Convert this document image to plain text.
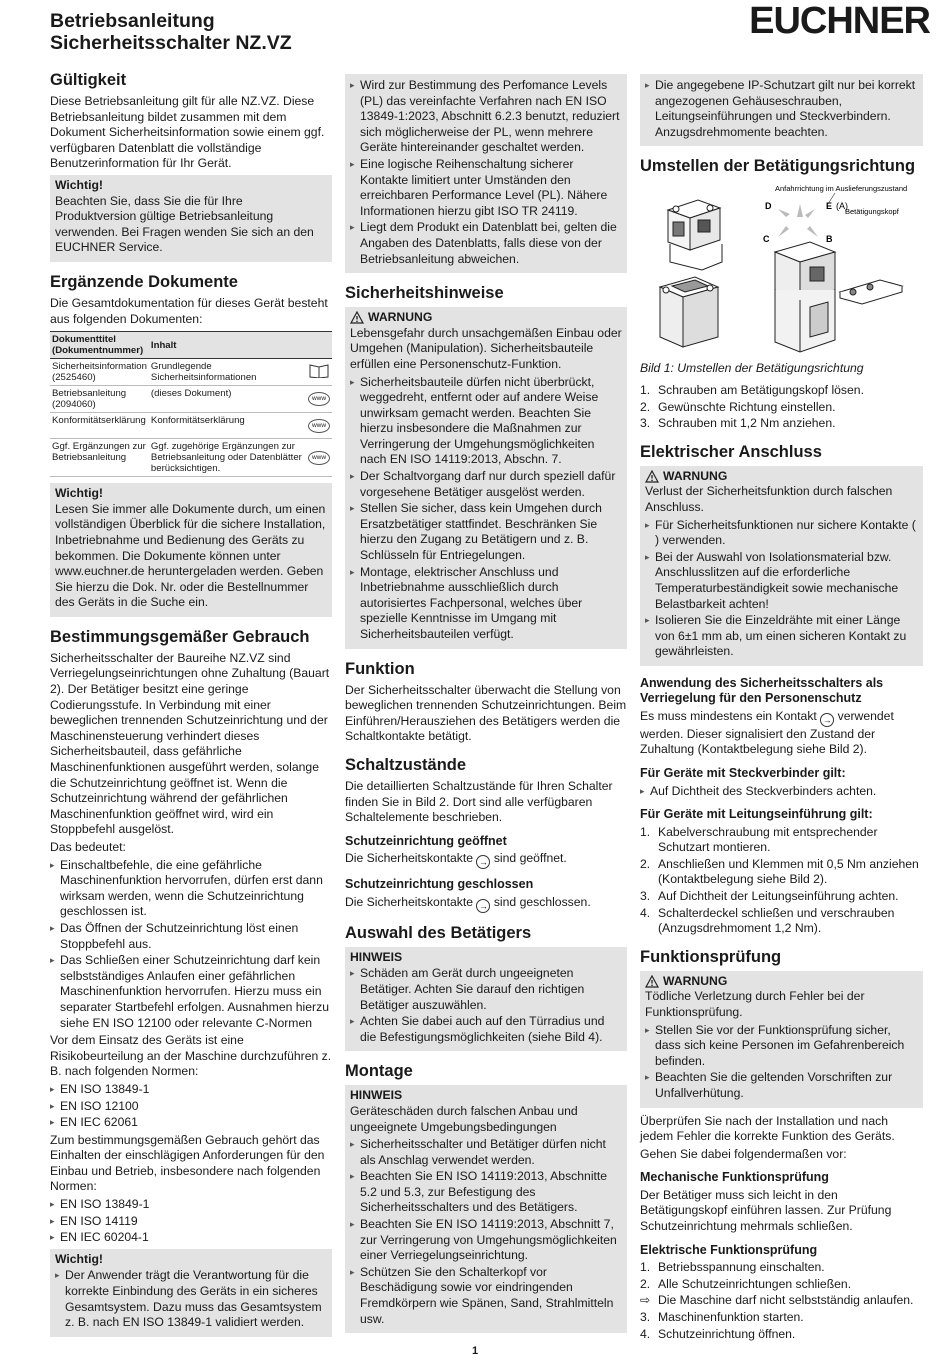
Betriebsanleitung
Sicherheitsschalter NZ.VZ
EUCHNER
Gültigkeit

Diese Betriebsanleitung gilt für alle NZ.VZ. Diese Betriebsanleitung bildet zusammen mit dem Dokument Sicherheitsinformation sowie einem ggf. verfügbaren Datenblatt die vollständige Benutzerinformation für Ihr Gerät.

Wichtig!

Beachten Sie, dass Sie die für Ihre Produktversion gültige Betriebsanleitung verwenden. Bei Fragen wenden Sie sich an den EUCHNER Service.

Ergänzende Dokumente

Die Gesamtdokumentation für dieses Gerät besteht aus folgenden Dokumenten:

Dokumenttitel (Dokumentnummer)	Inhalt	
Sicherheitsinformation (2525460)	Grundlegende Sicherheitsinformationen	
Betriebsanleitung (2094060)	(dieses Dokument)	www
Konformitätserklärung	Konformitätserklärung	www
Ggf. Ergänzungen zur Betriebsanleitung	Ggf. zugehörige Ergänzungen zur Betriebsanleitung oder Datenblätter berücksichtigen.	www
Wichtig!

Lesen Sie immer alle Dokumente durch, um einen vollständigen Überblick für die sichere Installation, Inbetriebnahme und Bedienung des Geräts zu bekommen. Die Dokumente können unter www.euchner.de heruntergeladen werden. Geben Sie hierzu die Dok. Nr. oder die Bestellnummer des Geräts in die Suche ein.

Bestimmungsgemäßer Gebrauch

Sicherheitsschalter der Baureihe NZ.VZ sind Verriegelungseinrichtungen ohne Zuhaltung (Bauart 2). Der Betätiger besitzt eine geringe Codierungsstufe. In Verbindung mit einer beweglichen trennenden Schutzeinrichtung und der Maschinensteuerung verhindert dieses Sicherheitsbauteil, dass gefährliche Maschinenfunktionen ausgeführt werden, solange die Schutzeinrichtung geöffnet ist. Wenn die Schutzeinrichtung während der gefährlichen Maschinenfunktion geöffnet wird, wird ein Stoppbefehl ausgelöst.

Das bedeutet:

▸ Einschaltbefehle, die eine gefährliche Maschinenfunktion hervorrufen, dürfen erst dann wirksam werden, wenn die Schutzeinrichtung geschlossen ist.
▸ Das Öffnen der Schutzeinrichtung löst einen Stoppbefehl aus.
▸ Das Schließen einer Schutzeinrichtung darf kein selbstständiges Anlaufen einer gefährlichen Maschinenfunktion hervorrufen. Hierzu muss ein separater Startbefehl erfolgen. Ausnahmen hierzu siehe EN ISO 12100 oder relevante C-Normen

Vor dem Einsatz des Geräts ist eine Risikobeurteilung an der Maschine durchzuführen z. B. nach folgenden Normen:

▸ EN ISO 13849-1
▸ EN ISO 12100
▸ EN IEC 62061

Zum bestimmungsgemäßen Gebrauch gehört das Einhalten der einschlägigen Anforderungen für den Einbau und Betrieb, insbesondere nach folgenden Normen:

▸ EN ISO 13849-1
▸ EN ISO 14119
▸ EN IEC 60204-1
Wichtig!
▸ Der Anwender trägt die Verantwortung für die korrekte Einbindung des Geräts in ein sicheres Gesamtsystem. Dazu muss das Gesamtsystem z. B. nach EN ISO 13849-1 validiert werden.
▸ Wird zur Bestimmung des Perfomance Levels (PL) das vereinfachte Verfahren nach EN ISO 13849-1:2023, Abschnitt 6.2.3 benutzt, reduziert sich möglicherweise der PL, wenn mehrere Geräte hintereinander geschaltet werden.
▸ Eine logische Reihenschaltung sicherer Kontakte limitiert unter Umständen den erreichbaren Performance Level (PL). Nähere Informationen hierzu gibt ISO TR 24119.
▸ Liegt dem Produkt ein Datenblatt bei, gelten die Angaben des Datenblatts, falls diese von der Betriebsanleitung abweichen.
Sicherheitshinweise
WARNUNG

Lebensgefahr durch unsachgemäßen Einbau oder Umgehen (Manipulation). Sicherheitsbauteile erfüllen eine Personenschutz-Funktion.

▸ Sicherheitsbauteile dürfen nicht überbrückt, weggedreht, entfernt oder auf andere Weise unwirksam gemacht werden. Beachten Sie hierzu insbesondere die Maßnahmen zur Verringerung der Umgehungsmöglichkeiten nach EN ISO 14119:2013, Abschn. 7.
▸ Der Schaltvorgang darf nur durch speziell dafür vorgesehene Betätiger ausgelöst werden.
▸ Stellen Sie sicher, dass kein Umgehen durch Ersatzbetätiger stattfindet. Beschränken Sie hierzu den Zugang zu Betätigern und z. B. Schlüsseln für Entriegelungen.
▸ Montage, elektrischer Anschluss und Inbetriebnahme ausschließlich durch autorisiertes Fachpersonal, welches über spezielle Kenntnisse im Umgang mit Sicherheitsbauteilen verfügt.
Funktion

Der Sicherheitsschalter überwacht die Stellung von beweglichen trennenden Schutzeinrichtungen. Beim Einführen/Herausziehen des Betätigers werden die Schaltkontakte betätigt.

Schaltzustände

Die detaillierten Schaltzustände für Ihren Schalter finden Sie in Bild 2. Dort sind alle verfügbaren Schaltelemente beschrieben.

Schutzeinrichtung geöffnet

Die Sicherheitskontakte → sind geöffnet.

Schutzeinrichtung geschlossen

Die Sicherheitskontakte → sind geschlossen.

Auswahl des Betätigers
HINWEIS
▸ Schäden am Gerät durch ungeeigneten Betätiger. Achten Sie darauf den richtigen Betätiger auszuwählen.
▸ Achten Sie dabei auch auf den Türradius und die Befestigungsmöglichkeiten (siehe Bild 4).
Montage
HINWEIS

Geräteschäden durch falschen Anbau und ungeeignete Umgebungsbedingungen

▸ Sicherheitsschalter und Betätiger dürfen nicht als Anschlag verwendet werden.
▸ Beachten Sie EN ISO 14119:2013, Abschnitte 5.2 und 5.3, zur Befestigung des Sicherheitsschalters und des Betätigers.
▸ Beachten Sie EN ISO 14119:2013, Abschnitt 7, zur Verringerung von Umgehungsmöglichkeiten einer Verriegelungseinrichtung.
▸ Schützen Sie den Schalterkopf vor Beschädigung sowie vor eindringenden Fremdkörpern wie Spänen, Sand, Strahlmitteln usw.
▸ Die angegebene IP-Schutzart gilt nur bei korrekt angezogenen Gehäuseschrauben, Leitungseinführungen und Steckverbindern. Anzugsdrehmomente beachten.
Umstellen der Betätigungsrichtung
Anfahrrichtung im Auslieferungszustand
Betätigungskopf
D	E (A)
C	B

Bild 1: Umstellen der Betätigungsrichtung

1. Schrauben am Betätigungskopf lösen.
2. Gewünschte Richtung einstellen.
3. Schrauben mit 1,2 Nm anziehen.
Elektrischer Anschluss
WARNUNG

Verlust der Sicherheitsfunktion durch falschen Anschluss.

▸ Für Sicherheitsfunktionen nur sichere Kontakte ( ) verwenden.
▸ Bei der Auswahl von Isolationsmaterial bzw. Anschlusslitzen auf die erforderliche Temperaturbeständigkeit sowie mechanische Belastbarkeit achten!
▸ Isolieren Sie die Einzeldrähte mit einer Länge von 6±1 mm ab, um einen sicheren Kontakt zu gewährleisten.
Anwendung des Sicherheitsschalters als Verriegelung für den Personenschutz

Es muss mindestens ein Kontakt → verwendet werden. Dieser signalisiert den Zustand der Zuhaltung (Kontaktbelegung siehe Bild 2).

Für Geräte mit Steckverbinder gilt:
▸ Auf Dichtheit des Steckverbinders achten.
Für Geräte mit Leitungseinführung gilt:
1. Kabelverschraubung mit entsprechender Schutzart montieren.
2. Anschließen und Klemmen mit 0,5 Nm anziehen (Kontaktbelegung siehe Bild 2).
3. Auf Dichtheit der Leitungseinführung achten.
4. Schalterdeckel schließen und verschrauben (Anzugsdrehmoment 1,2 Nm).
Funktionsprüfung
WARNUNG

Tödliche Verletzung durch Fehler bei der Funktionsprüfung.

▸ Stellen Sie vor der Funktionsprüfung sicher, dass sich keine Personen im Gefahrenbereich befinden.
▸ Beachten Sie die geltenden Vorschriften zur Unfallverhütung.

Überprüfen Sie nach der Installation und nach jedem Fehler die korrekte Funktion des Geräts.

Gehen Sie dabei folgendermaßen vor:

Mechanische Funktionsprüfung

Der Betätiger muss sich leicht in den Betätigungskopf einführen lassen. Zur Prüfung Schutzeinrichtung mehrmals schließen.

Elektrische Funktionsprüfung
1. Betriebsspannung einschalten.
2. Alle Schutzeinrichtungen schließen.
⇨ Die Maschine darf nicht selbstständig anlaufen.
3. Maschinenfunktion starten.
4. Schutzeinrichtung öffnen.
1
